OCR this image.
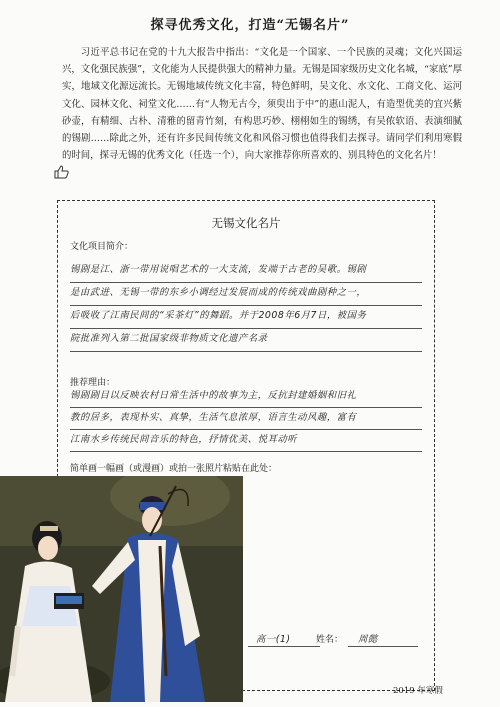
探寻优秀文化，打造“无锡名片”
习近平总书记在党的十九大报告中指出：“文化是一个国家、一个民族的灵魂；文化兴国运兴，文化强民族强”，文化能为人民提供强大的精神力量。无锡是国家级历史文化名城，“家底”厚实，地域文化源远流长。无锡地域传统文化丰富，特色鲜明，吴文化、水文化、工商文化、运河文化、园林文化、祠堂文化……有“人物无古今，须臾出于中”的惠山泥人，有造型优美的宜兴紫砂壶，有精细、古朴、清雅的留青竹刻，有构思巧妙、栩栩如生的锡绣，有吴侬软语、表演细腻的锡剧……除此之外，还有许多民间传统文化和风俗习惯也值得我们去探寻。请同学们利用寒假的时间，探寻无锡的优秀文化（任选一个），向大家推荐你所喜欢的、别具特色的文化名片！
无锡文化名片
文化项目简介：
锡剧是江、浙一带用说唱艺术的一大支流，发端于古老的吴歌。锡剧
是由武进、无锡一带的东乡小调经过发展而成的传统戏曲剧种之一，
后吸收了江南民间的“采茶灯”的舞蹈。并于2008年6月7日，被国务
院批准列入第二批国家级非物质文化遗产名录
推荐理由：
锡剧剧目以反映农村日常生活中的故事为主，反抗封建婚姻和旧礼
教的居多，表现朴实、真挚，生活气息浓厚，语言生动风趣，富有
江南水乡传统民间音乐的特色，抒情优美、悦耳动听
简单画一幅画（或漫画）或拍一张照片粘贴在此处：
高一(1)	姓名： 周懿
2019 年寒假
